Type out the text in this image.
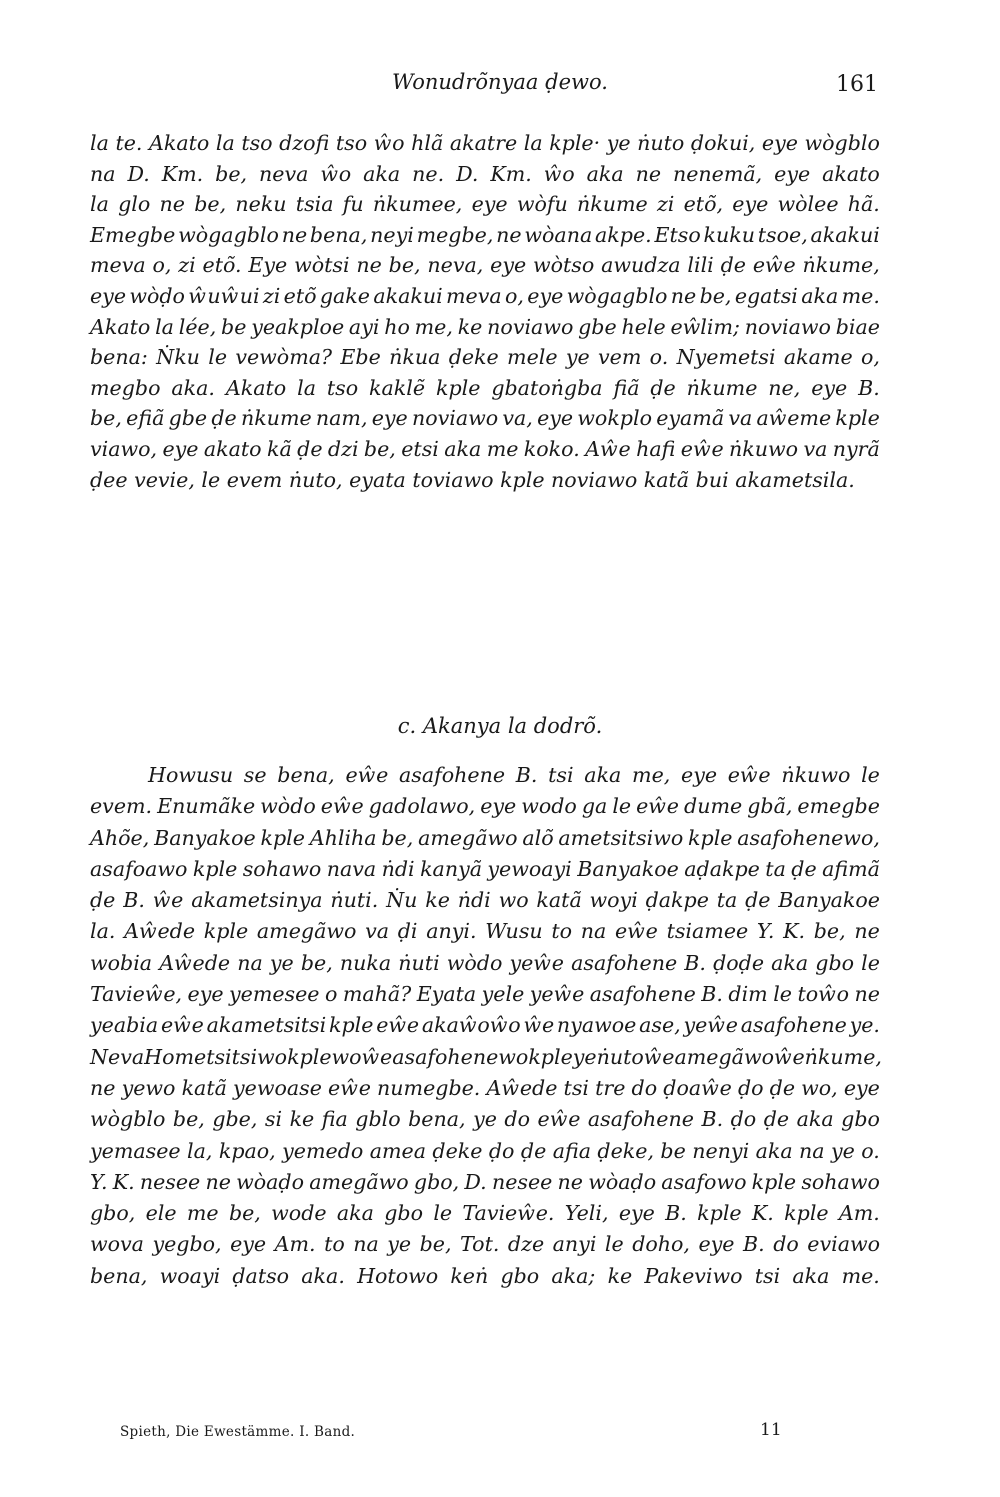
Wonudrõnyaa ḍewo.	161
la te. Akato la tso dzofi tso ŵo hlã akatre la kple· ye ṅuto ḍokui, eye wògblo
na D. Km. be, neva ŵo aka ne. D. Km. ŵo aka ne nenemã, eye akato
la glo ne be, neku tsia fu ṅkumee, eye wòfu ṅkume zi etõ, eye wòlee hã.
Emegbe wògagblo ne bena, neyi megbe, ne wòana akpe. Etso kuku tsoe, akakui
meva o, zi etõ. Eye wòtsi ne be, neva, eye wòtso awudza lili ḍe eŵe ṅkume,
eye wòḍo ŵuŵui zi etõ gake akakui meva o, eye wògagblo ne be, egatsi aka me.
Akato la lée, be yeakploe ayi ho me, ke noviawo gbe hele eŵlim; noviawo biae
bena: Ṅku le vewòma? Ebe ṅkua ḍeke mele ye vem o. Nyemetsi akame o,
megbo aka. Akato la tso kaklẽ kple gbatoṅgba fiã ḍe ṅkume ne, eye B.
be, efiã gbe ḍe ṅkume nam, eye noviawo va, eye wokplo eyamã va aŵeme kple
viawo, eye akato kã ḍe dzi be, etsi aka me koko. Aŵe hafi eŵe ṅkuwo va nyrã
ḍee vevie, le evem ṅuto, eyata toviawo kple noviawo katã bui akametsila.
c. Akanya la dodrõ.
Howusu se bena, eŵe asafohene B. tsi aka me, eye eŵe ṅkuwo le
evem. Enumãke wòdo eŵe gadolawo, eye wodo ga le eŵe dume gbã, emegbe
Ahõe, Banyakoe kple Ahliha be, amegãwo alõ ametsitsiwo kple asafohenewo,
asafoawo kple sohawo nava ṅdi kanyã yewoayi Banyakoe aḍakpe ta ḍe afimã
ḍe B. ŵe akametsinya ṅuti. Ṅu ke ṅdi wo katã woyi ḍakpe ta ḍe Banyakoe
la. Aŵede kple amegãwo va ḍi anyi. Wusu to na eŵe tsiamee Y. K. be, ne
wobia Aŵede na ye be, nuka ṅuti wòdo yeŵe asafohene B. ḍoḍe aka gbo le
Tavieŵe, eye yemesee o mahã? Eyata yele yeŵe asafohene B. dim le toŵo ne
yeabia eŵe akametsitsi kple eŵe akaŵoŵo ŵe nyawoe ase, yeŵe asafohene ye.
Neva Hometsitsiwo kple woŵe asafohenewo kple yeṅuto ŵe amegãwo ŵe ṅkume,
ne yewo katã yewoase eŵe numegbe. Aŵede tsi tre do ḍoaŵe ḍo ḍe wo, eye
wògblo be, gbe, si ke fia gblo bena, ye do eŵe asafohene B. ḍo ḍe aka gbo
yemasee la, kpao, yemedo amea ḍeke ḍo ḍe afia ḍeke, be nenyi aka na ye o.
Y. K. nesee ne wòaḍo amegãwo gbo, D. nesee ne wòaḍo asafowo kple sohawo
gbo, ele me be, wode aka gbo le Tavieŵe. Yeli, eye B. kple K. kple Am.
wova yegbo, eye Am. to na ye be, Tot. dze anyi le doho, eye B. do eviawo
bena, woayi ḍatso aka. Hotowo keṅ gbo aka; ke Pakeviwo tsi aka me.
Spieth, Die Ewestämme. I. Band.	11
